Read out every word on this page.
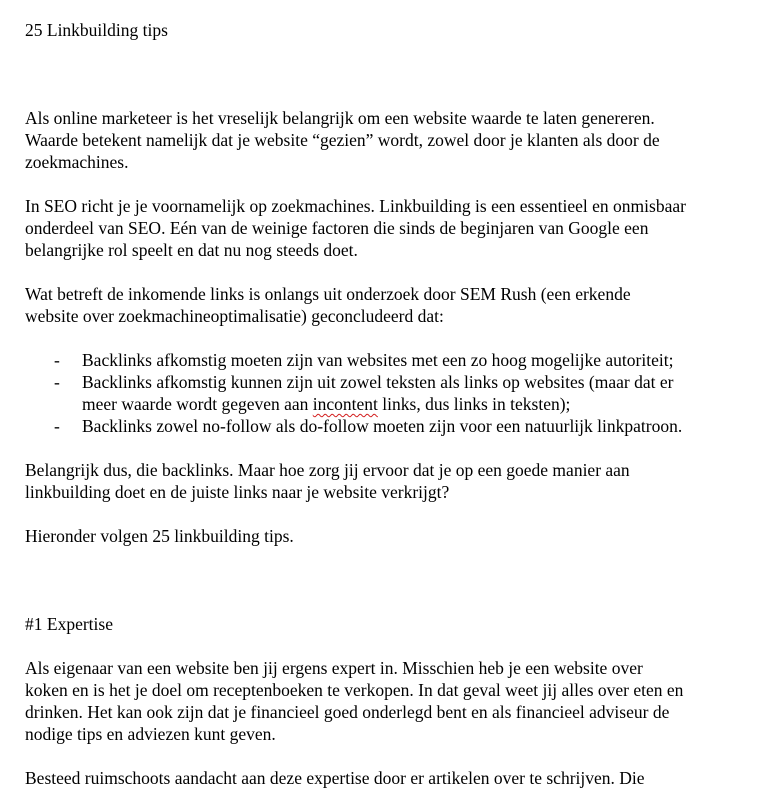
25 Linkbuilding tips

Als online marketeer is het vreselijk belangrijk om een website waarde te laten genereren.
Waarde betekent namelijk dat je website “gezien” wordt, zowel door je klanten als door de
zoekmachines.

In SEO richt je je voornamelijk op zoekmachines. Linkbuilding is een essentieel en onmisbaar
onderdeel van SEO. Eén van de weinige factoren die sinds de beginjaren van Google een
belangrijke rol speelt en dat nu nog steeds doet.

Wat betreft de inkomende links is onlangs uit onderzoek door SEM Rush (een erkende
website over zoekmachineoptimalisatie) geconcludeerd dat:

- Backlinks afkomstig moeten zijn van websites met een zo hoog mogelijke autoriteit;
- Backlinks afkomstig kunnen zijn uit zowel teksten als links op websites (maar dat er
meer waarde wordt gegeven aan incontent links, dus links in teksten);
- Backlinks zowel no-follow als do-follow moeten zijn voor een natuurlijk linkpatroon.

Belangrijk dus, die backlinks. Maar hoe zorg jij ervoor dat je op een goede manier aan
linkbuilding doet en de juiste links naar je website verkrijgt?

Hieronder volgen 25 linkbuilding tips.

#1 Expertise

Als eigenaar van een website ben jij ergens expert in. Misschien heb je een website over
koken en is het je doel om receptenboeken te verkopen. In dat geval weet jij alles over eten en
drinken. Het kan ook zijn dat je financieel goed onderlegd bent en als financieel adviseur de
nodige tips en adviezen kunt geven.

Besteed ruimschoots aandacht aan deze expertise door er artikelen over te schrijven. Die
